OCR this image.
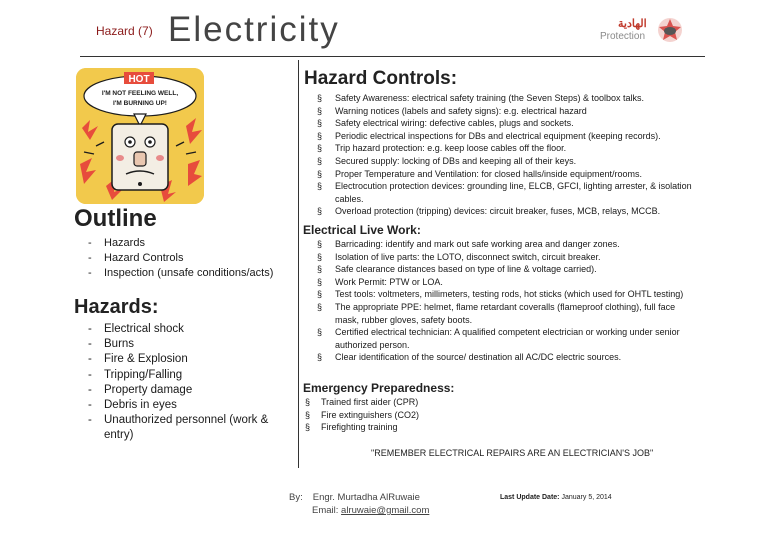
Hazard (7) Electricity	الهادية
Protection
HOT
I'M NOT FEELING WELL,
I'M BURNING UP!
Outline
- Hazards
- Hazard Controls
- Inspection (unsafe conditions/acts)
Hazards:
- Electrical shock
- Burns
- Fire & Explosion
- Tripping/Falling
- Property damage
- Debris in eyes
- Unauthorized personnel (work & entry)
Hazard Controls:
§ Safety Awareness: electrical safety training (the Seven Steps) & toolbox talks.
§ Warning notices (labels and safety signs): e.g. electrical hazard
§ Safety electrical wiring: defective cables, plugs and sockets.
§ Periodic electrical inspections for DBs and electrical equipment (keeping records).
§ Trip hazard protection: e.g. keep loose cables off the floor.
§ Secured supply: locking of DBs and keeping all of their keys.
§ Proper Temperature and Ventilation: for closed halls/inside equipment/rooms.
§ Electrocution protection devices: grounding line, ELCB, GFCI, lighting arrester, & isolation cables.
§ Overload protection (tripping) devices: circuit breaker, fuses, MCB, relays, MCCB.
Electrical Live Work:
§ Barricading: identify and mark out safe working area and danger zones.
§ Isolation of live parts: the LOTO, disconnect switch, circuit breaker.
§ Safe clearance distances based on type of line & voltage carried).
§ Work Permit: PTW or LOA.
§ Test tools: voltmeters, millimeters, testing rods, hot sticks (which used for OHTL testing)
§ The appropriate PPE: helmet, flame retardant coveralls (flameproof clothing), full face mask, rubber gloves, safety boots.
§ Certified electrical technician: A qualified competent electrician or working under senior authorized person.
§ Clear identification of the source/ destination all AC/DC electric sources.
Emergency Preparedness:
§ Trained first aider (CPR)
§ Fire extinguishers (CO2)
§ Firefighting training
"REMEMBER ELECTRICAL REPAIRS ARE AN ELECTRICIAN'S JOB"
By: Engr. Murtadha AlRuwaie
Email: alruwaie@gmail.com
Last Update Date: January 5, 2014
